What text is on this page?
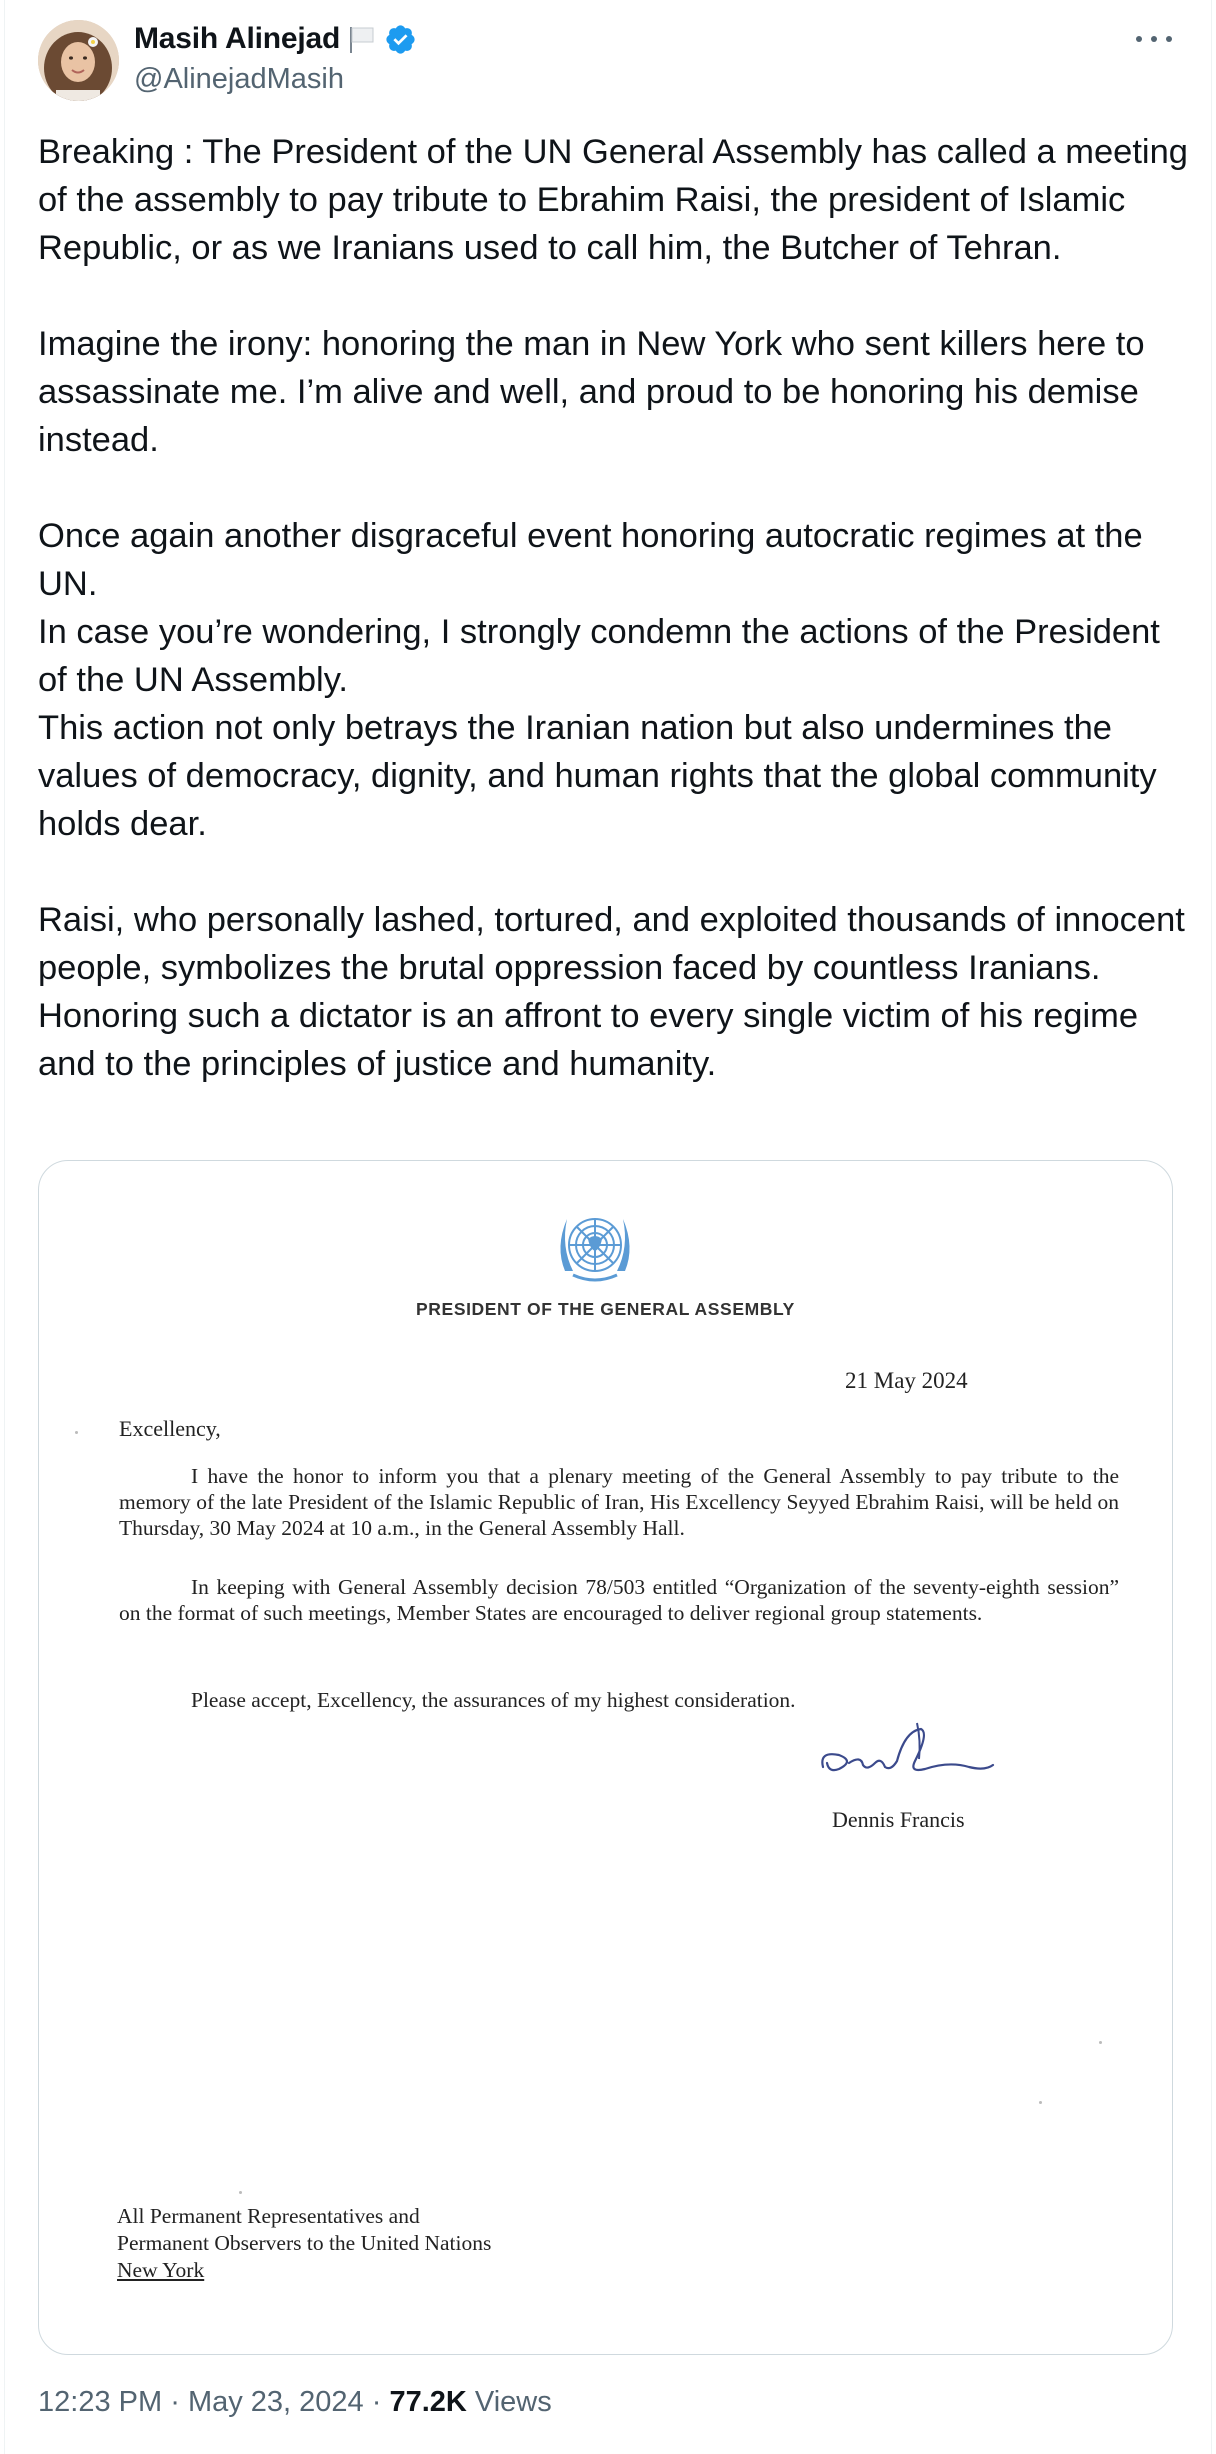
Masih Alinejad
@AlinejadMasih
Breaking : The President of the UN General Assembly has called a meeting of the assembly to pay tribute to Ebrahim Raisi, the president of Islamic Republic, or as we Iranians used to call him, the Butcher of Tehran.

Imagine the irony: honoring the man in New York who sent killers here to assassinate me. I’m alive and well, and proud to be honoring his demise instead.

Once again another disgraceful event honoring autocratic regimes at the UN.
In case you’re wondering, I strongly condemn the actions of the President of the UN Assembly.
This action not only betrays the Iranian nation but also undermines the values of democracy, dignity, and human rights that the global community holds dear.

Raisi, who personally lashed, tortured, and exploited thousands of innocent people, symbolizes the brutal oppression faced by countless Iranians. Honoring such a dictator is an affront to every single victim of his regime and to the principles of justice and humanity.
PRESIDENT OF THE GENERAL ASSEMBLY
21 May 2024
Excellency,
I have the honor to inform you that a plenary meeting of the General Assembly to pay tribute to the memory of the late President of the Islamic Republic of Iran, His Excellency Seyyed Ebrahim Raisi, will be held on Thursday, 30 May 2024 at 10 a.m., in the General Assembly Hall.
In keeping with General Assembly decision 78/503 entitled “Organization of the seventy-eighth session” on the format of such meetings, Member States are encouraged to deliver regional group statements.
Please accept, Excellency, the assurances of my highest consideration.
Dennis Francis
All Permanent Representatives and
Permanent Observers to the United Nations
New York
12:23 PM · May 23, 2024 · 77.2K Views
